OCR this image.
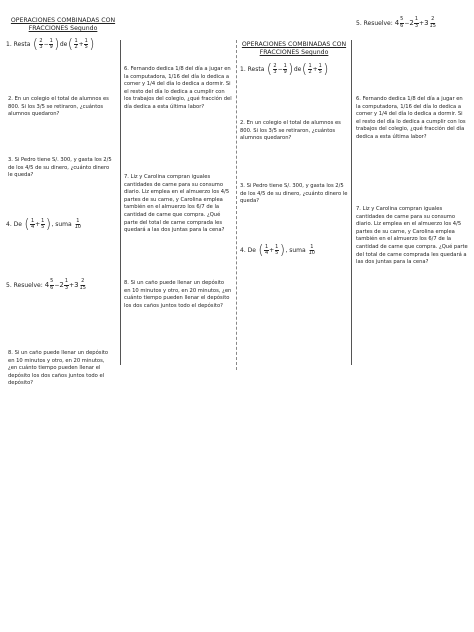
OPERACIONES COMBINADAS CON
FRACCIONES Segundo
1. Resta
( $\frac{2}{3} - \frac{1}{9}$ ) de ( $\frac{1}{2} + \frac{1}{5}$ )
2. En un colegio el total de alumnos es 800. Si los 3/5 se retiraron, ¿cuántos alumnos quedaron?
3. Si Pedro tiene S/. 300, y gasta los 2/5 de los 4/5 de su dinero, ¿cuánto dinero le queda?
4. De
( $\frac{1}{4} + \frac{1}{5}$ ) , suma
$\frac{1}{10}$
5. Resuelve:
$4 \frac{5}{6} - 2 \frac{1}{3} + 3 \frac{2}{15}$
8. Si un caño puede llenar un depósito en 10 minutos y otro, en 20 minutos, ¿en cuánto tiempo pueden llenar el depósito los dos caños juntos todo el depósito?
6. Fernando dedica 1/8 del día a jugar en la computadora, 1/16 del día lo dedica a comer y 1/4 del día lo dedica a dormir. Si el resto del día lo dedica a cumplir con los trabajos del colegio, ¿qué fracción del día dedica a esta última labor?
7. Liz y Carolina compran iguales cantidades de carne para su consumo diario. Liz emplea en el almuerzo los 4/5 partes de su carne, y Carolina emplea también en el almuerzo los 6/7 de la cantidad de carne que compra. ¿Qué parte del total de carne comprada les quedará a las dos juntas para la cena?
8. Si un caño puede llenar un depósito en 10 minutos y otro, en 20 minutos, ¿en cuánto tiempo pueden llenar el depósito los dos caños juntos todo el depósito?
OPERACIONES COMBINADAS CON
FRACCIONES Segundo
1. Resta
( $\frac{2}{3} - \frac{1}{9}$ ) de ( $\frac{1}{2} + \frac{1}{5}$ )
2. En un colegio el total de alumnos es 800. Si los 3/5 se retiraron, ¿cuántos alumnos quedaron?
3. Si Pedro tiene S/. 300, y gasta los 2/5 de los 4/5 de su dinero, ¿cuánto dinero le queda?
4. De
( $\frac{1}{4} + \frac{1}{5}$ ) , suma
$\frac{1}{10}$
5. Resuelve:
$4 \frac{5}{6} - 2 \frac{1}{3} + 3 \frac{2}{15}$
6. Fernando dedica 1/8 del día a jugar en la computadora, 1/16 del día lo dedica a comer y 1/4 del día lo dedica a dormir. Si el resto del día lo dedica a cumplir con los trabajos del colegio, ¿qué fracción del día dedica a esta última labor?
7. Liz y Carolina compran iguales cantidades de carne para su consumo diario. Liz emplea en el almuerzo los 4/5 partes de su carne, y Carolina emplea también en el almuerzo los 6/7 de la cantidad de carne que compra. ¿Qué parte del total de carne comprada les quedará a las dos juntas para la cena?
